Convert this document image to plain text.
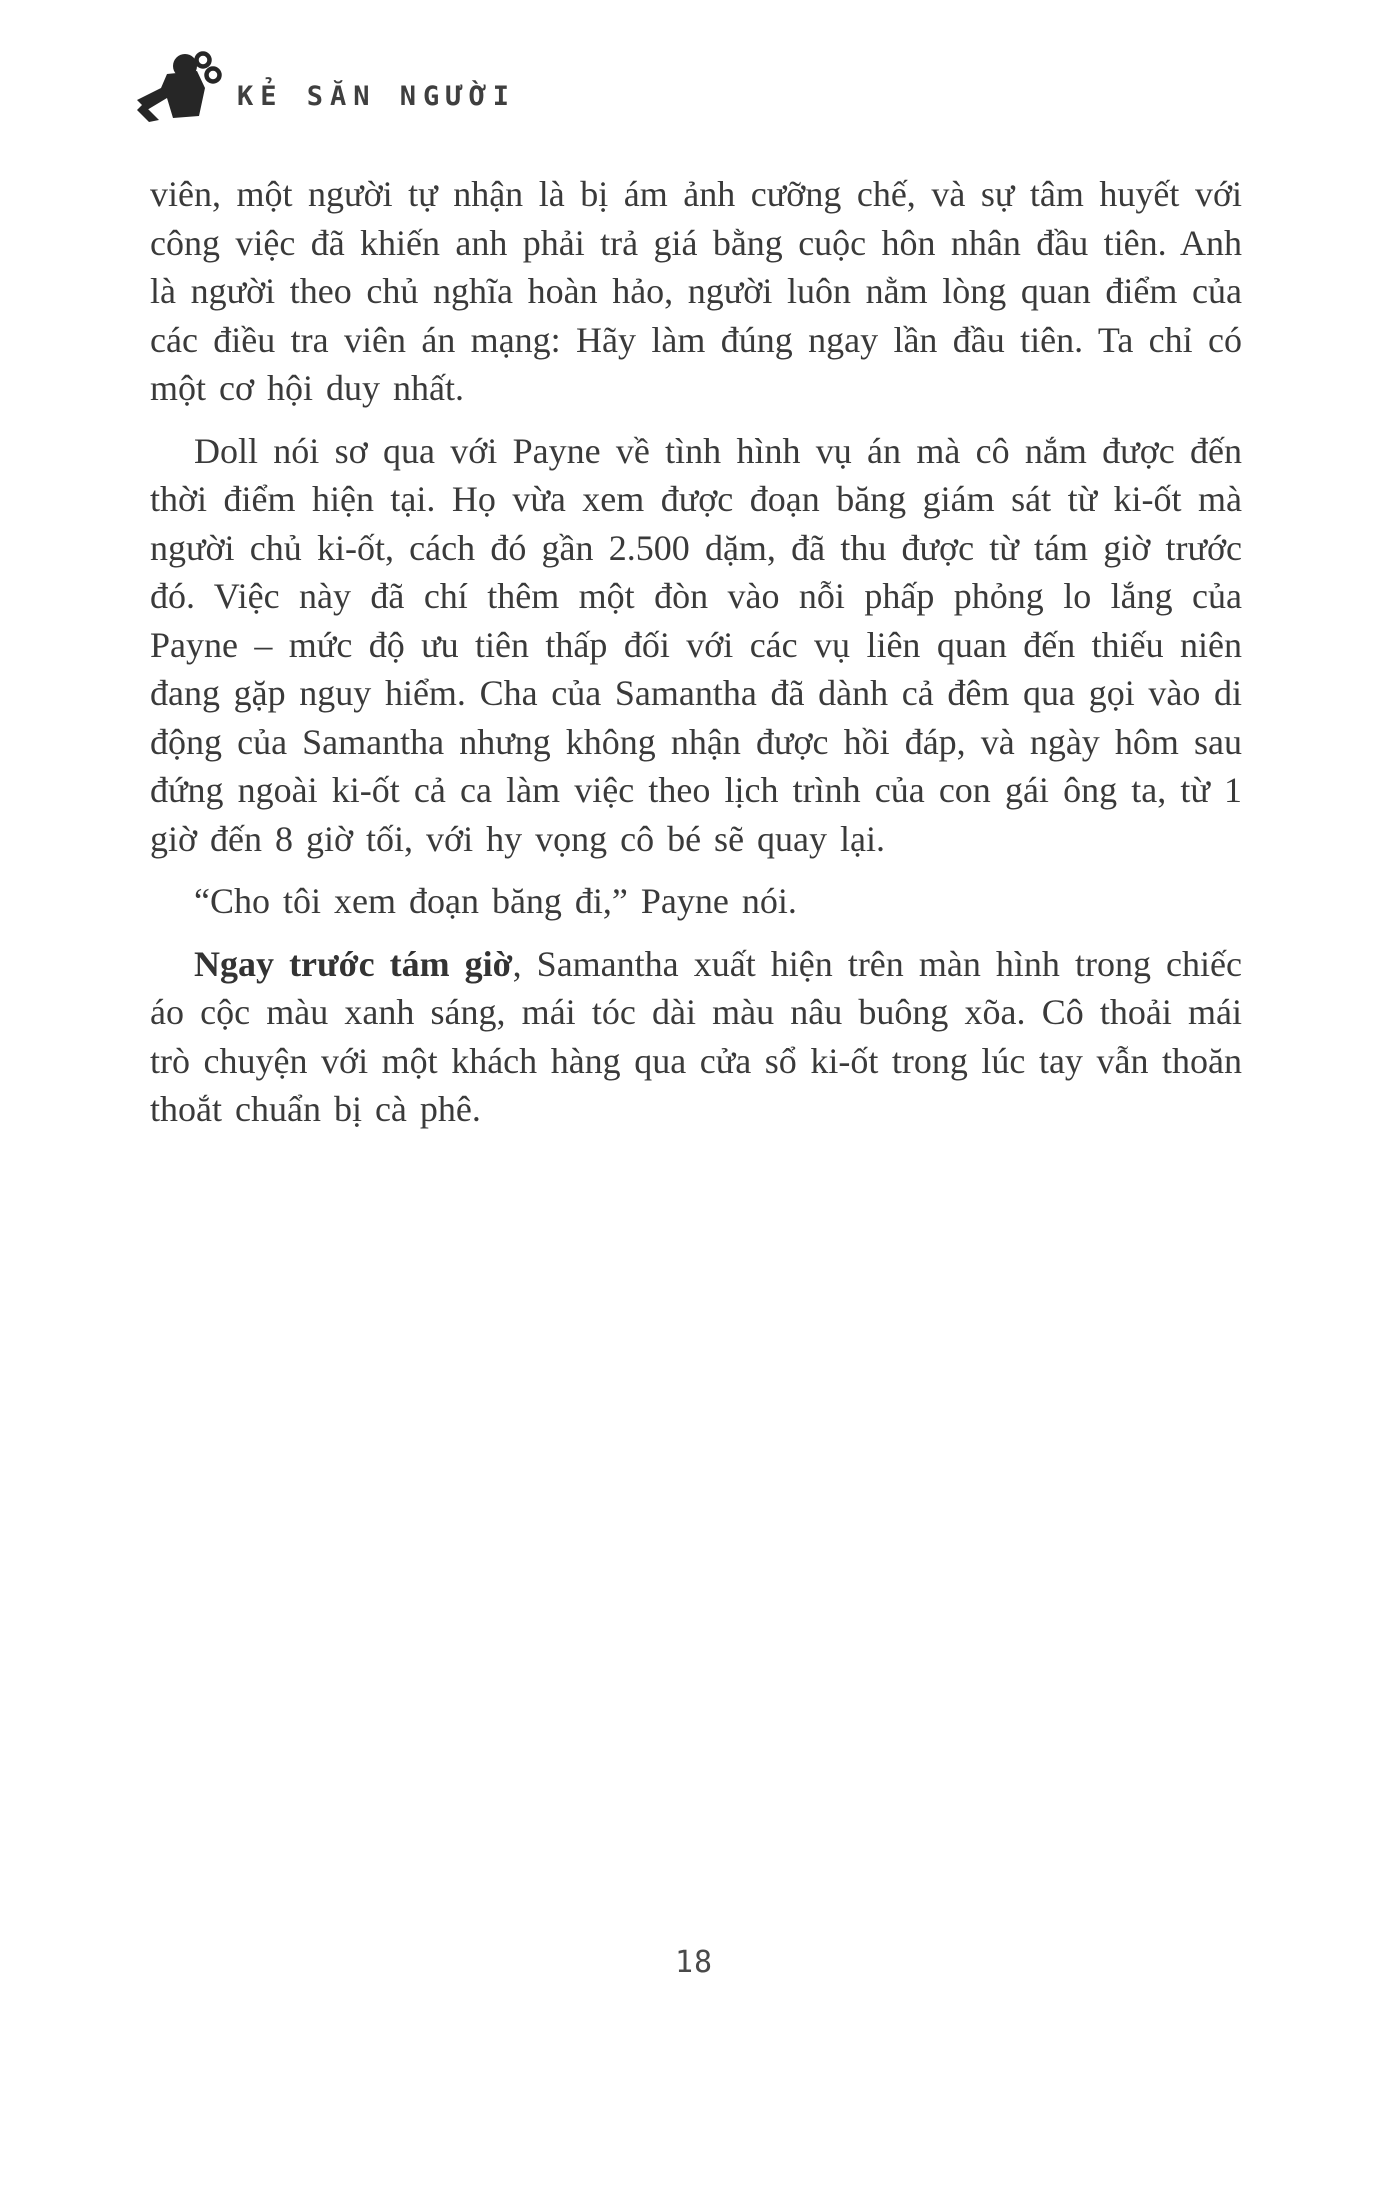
KẺ SĂN NGƯỜI

viên, một người tự nhận là bị ám ảnh cưỡng chế, và sự tâm huyết với công việc đã khiến anh phải trả giá bằng cuộc hôn nhân đầu tiên. Anh là người theo chủ nghĩa hoàn hảo, người luôn nằm lòng quan điểm của các điều tra viên án mạng: Hãy làm đúng ngay lần đầu tiên. Ta chỉ có một cơ hội duy nhất.

Doll nói sơ qua với Payne về tình hình vụ án mà cô nắm được đến thời điểm hiện tại. Họ vừa xem được đoạn băng giám sát từ ki-ốt mà người chủ ki-ốt, cách đó gần 2.500 dặm, đã thu được từ tám giờ trước đó. Việc này đã chí thêm một đòn vào nỗi phấp phỏng lo lắng của Payne – mức độ ưu tiên thấp đối với các vụ liên quan đến thiếu niên đang gặp nguy hiểm. Cha của Samantha đã dành cả đêm qua gọi vào di động của Samantha nhưng không nhận được hồi đáp, và ngày hôm sau đứng ngoài ki-ốt cả ca làm việc theo lịch trình của con gái ông ta, từ 1 giờ đến 8 giờ tối, với hy vọng cô bé sẽ quay lại.

“Cho tôi xem đoạn băng đi,” Payne nói.

Ngay trước tám giờ, Samantha xuất hiện trên màn hình trong chiếc áo cộc màu xanh sáng, mái tóc dài màu nâu buông xõa. Cô thoải mái trò chuyện với một khách hàng qua cửa sổ ki-ốt trong lúc tay vẫn thoăn thoắt chuẩn bị cà phê.

18
